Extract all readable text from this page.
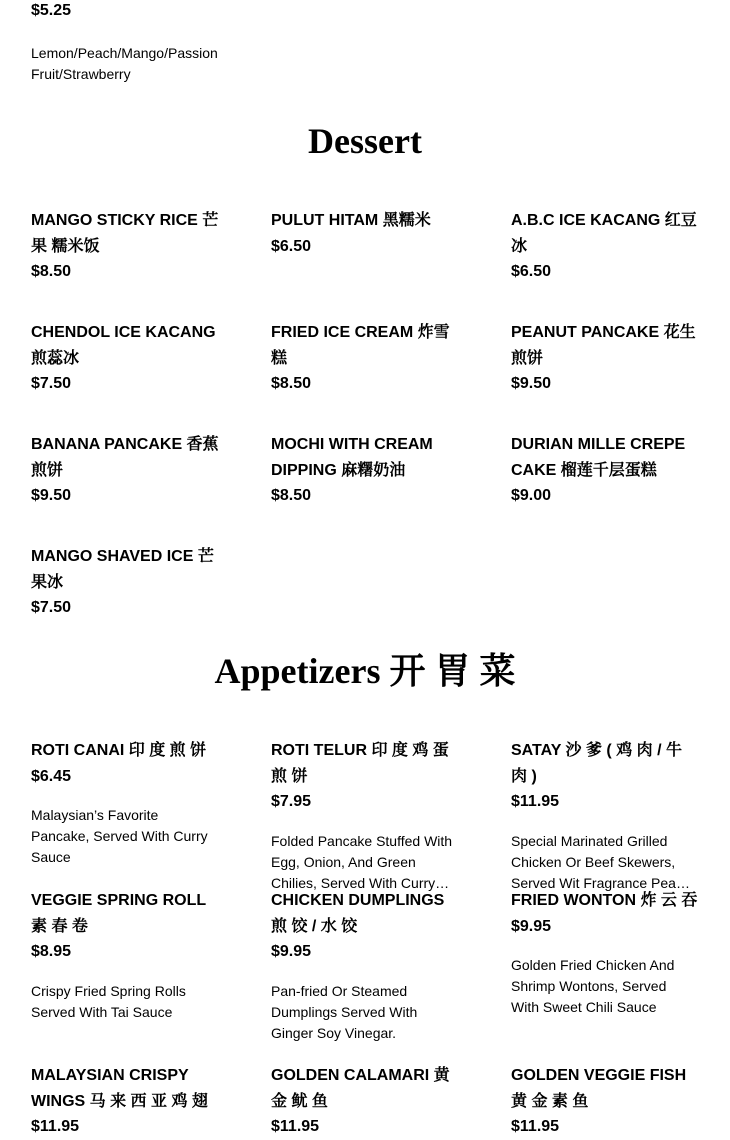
$5.25
Lemon/Peach/Mango/Passion Fruit/Strawberry
Dessert
MANGO STICKY RICE 芒果 糯米饭
$8.50
PULUT HITAM 黑糯米
$6.50
A.B.C ICE KACANG 红豆冰
$6.50
CHENDOL ICE KACANG 煎蕊冰
$7.50
FRIED ICE CREAM 炸雪糕
$8.50
PEANUT PANCAKE 花生煎饼
$9.50
BANANA PANCAKE 香蕉煎饼
$9.50
MOCHI WITH CREAM DIPPING 麻糬奶油
$8.50
DURIAN MILLE CREPE CAKE 榴莲千层蛋糕
$9.00
MANGO SHAVED ICE 芒果冰
$7.50
Appetizers 开 胃 菜
ROTI CANAI 印 度 煎 饼
$6.45
Malaysian’s Favorite Pancake, Served With Curry Sauce
ROTI TELUR 印 度 鸡 蛋 煎 饼
$7.95
Folded Pancake Stuffed With Egg, Onion, And Green Chilies, Served With Curry
SATAY 沙 爹 ( 鸡 肉 / 牛 肉 )
$11.95
Special Marinated Grilled Chicken Or Beef Skewers, Served Wit Fragrance Peanut
VEGGIE SPRING ROLL 素 春 卷
$8.95
Crispy Fried Spring Rolls Served With Tai Sauce
CHICKEN DUMPLINGS 煎 饺 / 水 饺
$9.95
Pan-fried Or Steamed Dumplings Served With Ginger Soy Vinegar.
FRIED WONTON 炸 云 吞
$9.95
Golden Fried Chicken And Shrimp Wontons, Served With Sweet Chili Sauce
MALAYSIAN CRISPY WINGS 马 来 西 亚 鸡 翅
$11.95
GOLDEN CALAMARI 黄 金 鱿 鱼
$11.95
GOLDEN VEGGIE FISH 黄 金 素 鱼
$11.95
